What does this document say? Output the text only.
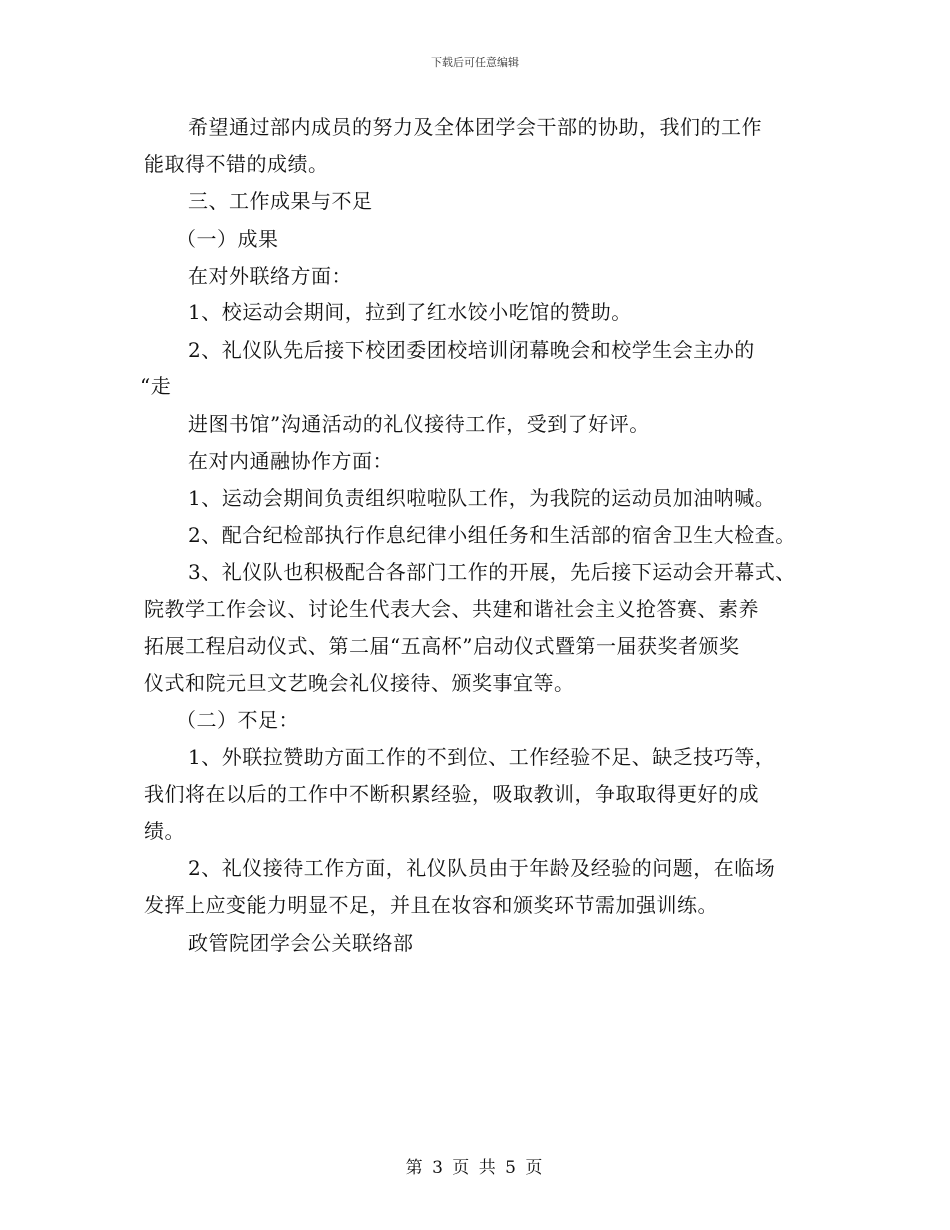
下载后可任意编辑
希望通过部内成员的努力及全体团学会干部的协助，我们的工作
能取得不错的成绩。
三、工作成果与不足
（一）成果
在对外联络方面：
1、校运动会期间，拉到了红水饺小吃馆的赞助。
2、礼仪队先后接下校团委团校培训闭幕晚会和校学生会主办的
“走
进图书馆”沟通活动的礼仪接待工作，受到了好评。
在对内通融协作方面：
1、运动会期间负责组织啦啦队工作，为我院的运动员加油呐喊。
2、配合纪检部执行作息纪律小组任务和生活部的宿舍卫生大检查。
3、礼仪队也积极配合各部门工作的开展，先后接下运动会开幕式、
院教学工作会议、讨论生代表大会、共建和谐社会主义抢答赛、素养
拓展工程启动仪式、第二届“五高杯”启动仪式暨第一届获奖者颁奖
仪式和院元旦文艺晚会礼仪接待、颁奖事宜等。
（二）不足：
1、外联拉赞助方面工作的不到位、工作经验不足、缺乏技巧等，
我们将在以后的工作中不断积累经验，吸取教训，争取取得更好的成
绩。
2、礼仪接待工作方面，礼仪队员由于年龄及经验的问题，在临场
发挥上应变能力明显不足，并且在妆容和颁奖环节需加强训练。
政管院团学会公关联络部
第 3 页 共 5 页
